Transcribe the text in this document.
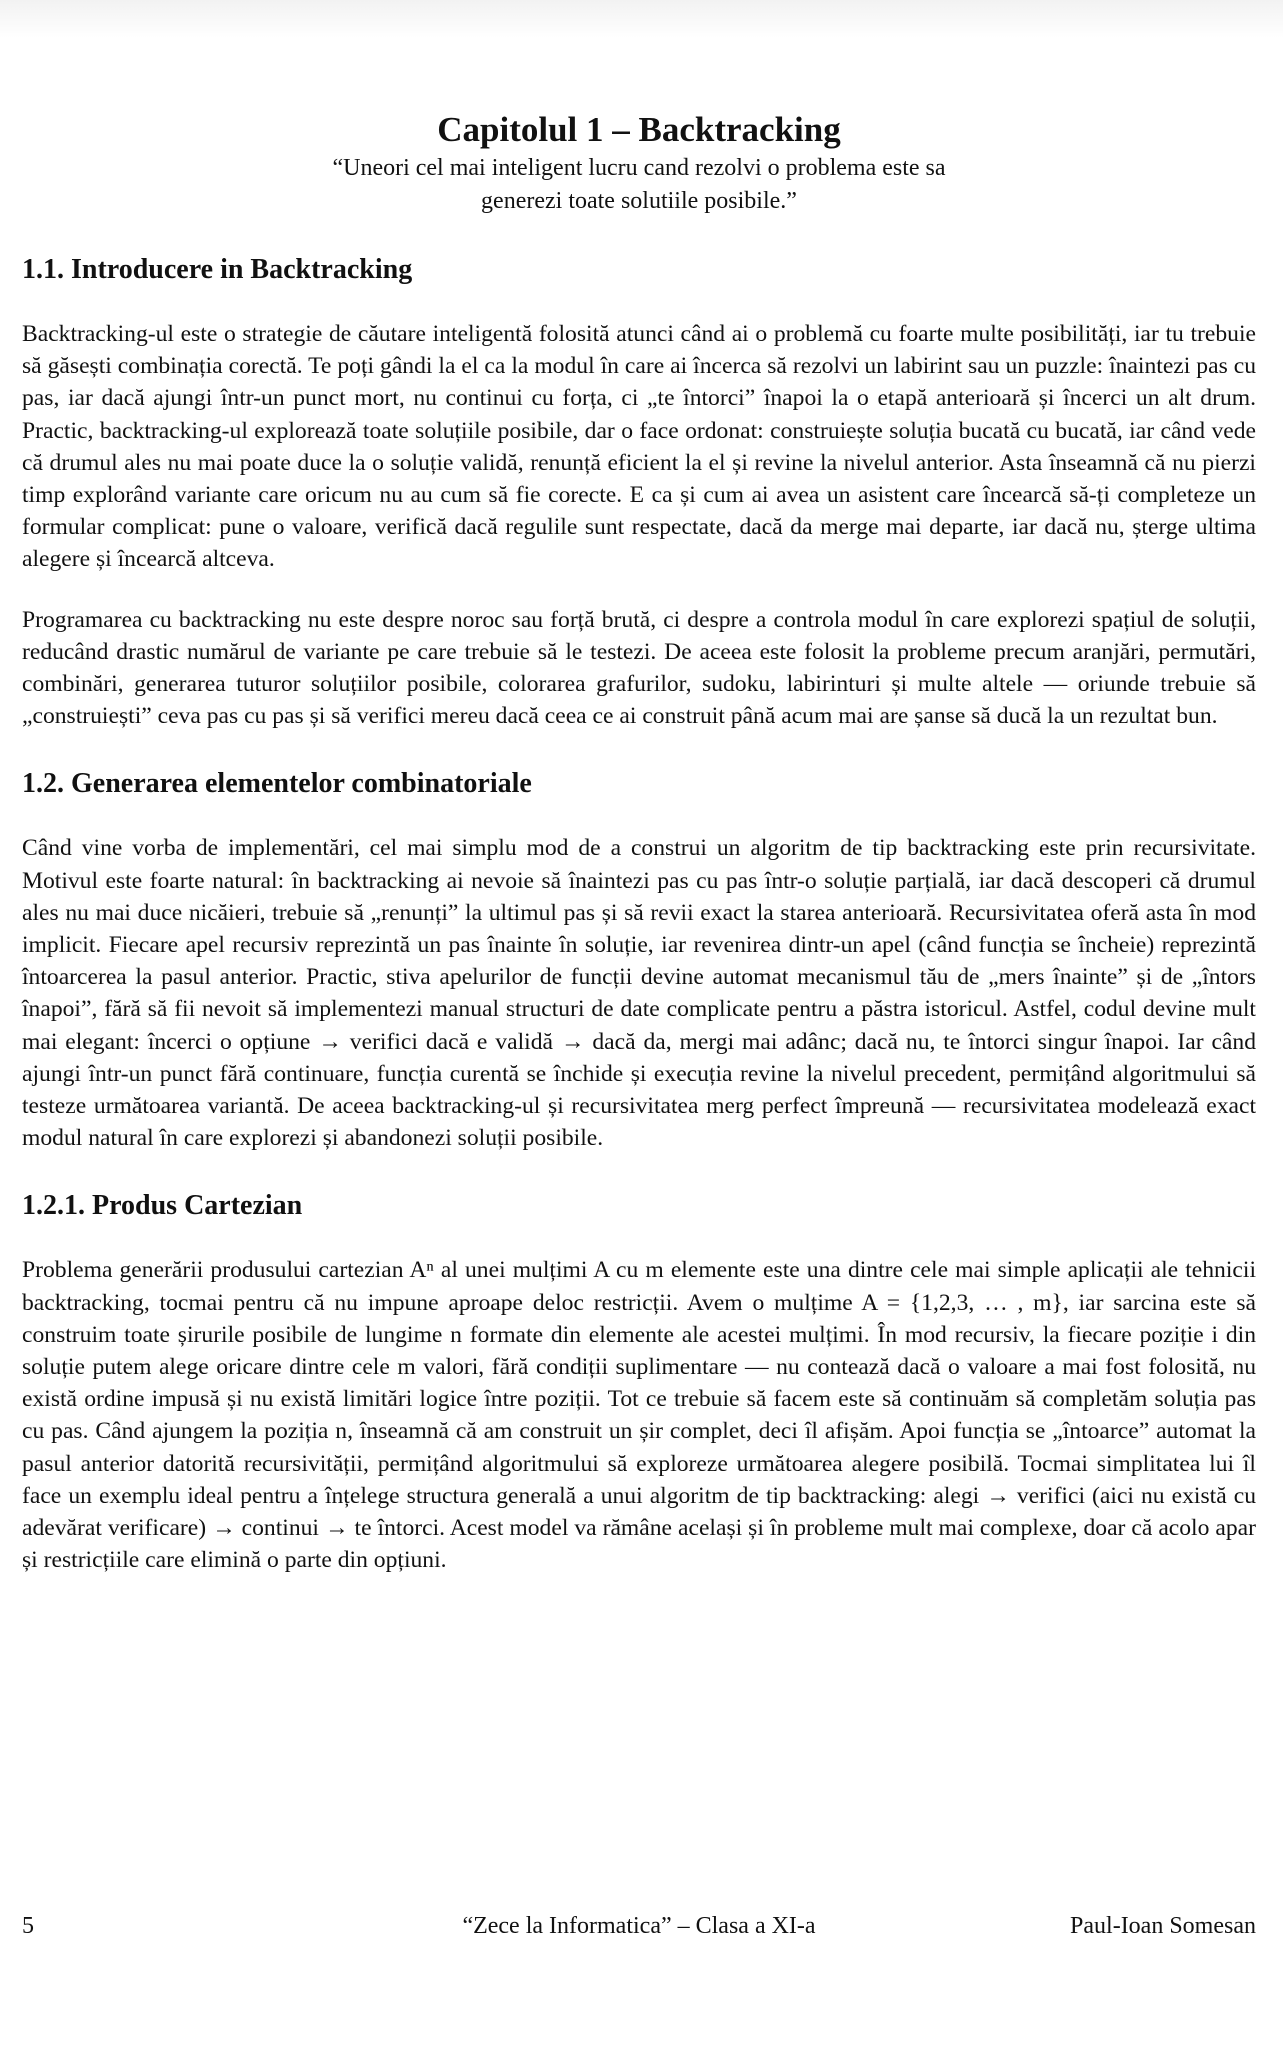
Capitolul 1 – Backtracking
“Uneori cel mai inteligent lucru cand rezolvi o problema este sa generezi toate solutiile posibile.”
1.1. Introducere in Backtracking

Backtracking-ul este o strategie de căutare inteligentă folosită atunci când ai o problemă cu foarte multe posibilități, iar tu trebuie să găsești combinația corectă. Te poți gândi la el ca la modul în care ai încerca să rezolvi un labirint sau un puzzle: înaintezi pas cu pas, iar dacă ajungi într-un punct mort, nu continui cu forța, ci „te întorci” înapoi la o etapă anterioară și încerci un alt drum. Practic, backtracking-ul explorează toate soluțiile posibile, dar o face ordonat: construiește soluția bucată cu bucată, iar când vede că drumul ales nu mai poate duce la o soluție validă, renunță eficient la el și revine la nivelul anterior. Asta înseamnă că nu pierzi timp explorând variante care oricum nu au cum să fie corecte. E ca și cum ai avea un asistent care încearcă să-ți completeze un formular complicat: pune o valoare, verifică dacă regulile sunt respectate, dacă da merge mai departe, iar dacă nu, șterge ultima alegere și încearcă altceva.

Programarea cu backtracking nu este despre noroc sau forță brută, ci despre a controla modul în care explorezi spațiul de soluții, reducând drastic numărul de variante pe care trebuie să le testezi. De aceea este folosit la probleme precum aranjări, permutări, combinări, generarea tuturor soluțiilor posibile, colorarea grafurilor, sudoku, labirinturi și multe altele — oriunde trebuie să „construiești” ceva pas cu pas și să verifici mereu dacă ceea ce ai construit până acum mai are șanse să ducă la un rezultat bun.

1.2. Generarea elementelor combinatoriale

Când vine vorba de implementări, cel mai simplu mod de a construi un algoritm de tip backtracking este prin recursivitate. Motivul este foarte natural: în backtracking ai nevoie să înaintezi pas cu pas într-o soluție parțială, iar dacă descoperi că drumul ales nu mai duce nicăieri, trebuie să „renunți” la ultimul pas și să revii exact la starea anterioară. Recursivitatea oferă asta în mod implicit. Fiecare apel recursiv reprezintă un pas înainte în soluție, iar revenirea dintr-un apel (când funcția se încheie) reprezintă întoarcerea la pasul anterior. Practic, stiva apelurilor de funcții devine automat mecanismul tău de „mers înainte” și de „întors înapoi”, fără să fii nevoit să implementezi manual structuri de date complicate pentru a păstra istoricul. Astfel, codul devine mult mai elegant: încerci o opțiune → verifici dacă e validă → dacă da, mergi mai adânc; dacă nu, te întorci singur înapoi. Iar când ajungi într-un punct fără continuare, funcția curentă se închide și execuția revine la nivelul precedent, permițând algoritmului să testeze următoarea variantă. De aceea backtracking-ul și recursivitatea merg perfect împreună — recursivitatea modelează exact modul natural în care explorezi și abandonezi soluții posibile.

1.2.1. Produs Cartezian

Problema generării produsului cartezian Aⁿ al unei mulțimi A cu m elemente este una dintre cele mai simple aplicații ale tehnicii backtracking, tocmai pentru că nu impune aproape deloc restricții. Avem o mulțime A = {1,2,3, … , m}, iar sarcina este să construim toate șirurile posibile de lungime n formate din elemente ale acestei mulțimi. În mod recursiv, la fiecare poziție i din soluție putem alege oricare dintre cele m valori, fără condiții suplimentare — nu contează dacă o valoare a mai fost folosită, nu există ordine impusă și nu există limitări logice între poziții. Tot ce trebuie să facem este să continuăm să completăm soluția pas cu pas. Când ajungem la poziția n, înseamnă că am construit un șir complet, deci îl afișăm. Apoi funcția se „întoarce” automat la pasul anterior datorită recursivității, permițând algoritmului să exploreze următoarea alegere posibilă. Tocmai simplitatea lui îl face un exemplu ideal pentru a înțelege structura generală a unui algoritm de tip backtracking: alegi → verifici (aici nu există cu adevărat verificare) → continui → te întorci. Acest model va rămâne același și în probleme mult mai complexe, doar că acolo apar și restricțiile care elimină o parte din opțiuni.

5	“Zece la Informatica” – Clasa a XI-a	Paul-Ioan Somesan
